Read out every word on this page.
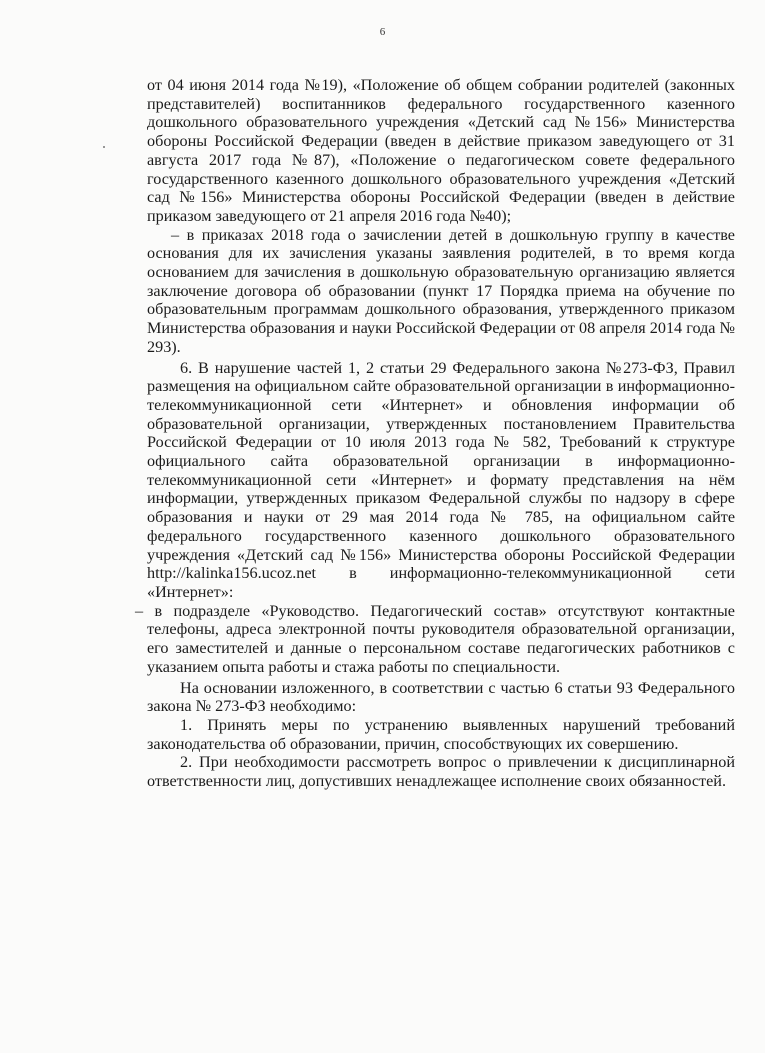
6

от 04 июня 2014 года №19), «Положение об общем собрании родителей (законных представителей) воспитанников федерального государственного казенного дошкольного образовательного учреждения «Детский сад №156» Министерства обороны Российской Федерации (введен в действие приказом заведующего от 31 августа 2017 года №87), «Положение о педагогическом совете федерального государственного казенного дошкольного образовательного учреждения «Детский сад №156» Министерства обороны Российской Федерации (введен в действие приказом заведующего от 21 апреля 2016 года №40);

– в приказах 2018 года о зачислении детей в дошкольную группу в качестве основания для их зачисления указаны заявления родителей, в то время когда основанием для зачисления в дошкольную образовательную организацию является заключение договора об образовании (пункт 17 Порядка приема на обучение по образовательным программам дошкольного образования, утвержденного приказом Министерства образования и науки Российской Федерации от 08 апреля 2014 года № 293).

6. В нарушение частей 1, 2 статьи 29 Федерального закона №273-ФЗ, Правил размещения на официальном сайте образовательной организации в информационно-телекоммуникационной сети «Интернет» и обновления информации об образовательной организации, утвержденных постановлением Правительства Российской Федерации от 10 июля 2013 года № 582, Требований к структуре официального сайта образовательной организации в информационно-телекоммуникационной сети «Интернет» и формату представления на нём информации, утвержденных приказом Федеральной службы по надзору в сфере образования и науки от 29 мая 2014 года № 785, на официальном сайте федерального государственного казенного дошкольного образовательного учреждения «Детский сад №156» Министерства обороны Российской Федерации http://kalinka156.ucoz.net в информационно-телекоммуникационной сети «Интернет»:

– в подразделе «Руководство. Педагогический состав» отсутствуют контактные телефоны, адреса электронной почты руководителя образовательной организации, его заместителей и данные о персональном составе педагогических работников с указанием опыта работы и стажа работы по специальности.

На основании изложенного, в соответствии с частью 6 статьи 93 Федерального закона № 273-ФЗ необходимо:

1. Принять меры по устранению выявленных нарушений требований законодательства об образовании, причин, способствующих их совершению.

2. При необходимости рассмотреть вопрос о привлечении к дисциплинарной ответственности лиц, допустивших ненадлежащее исполнение своих обязанностей.
